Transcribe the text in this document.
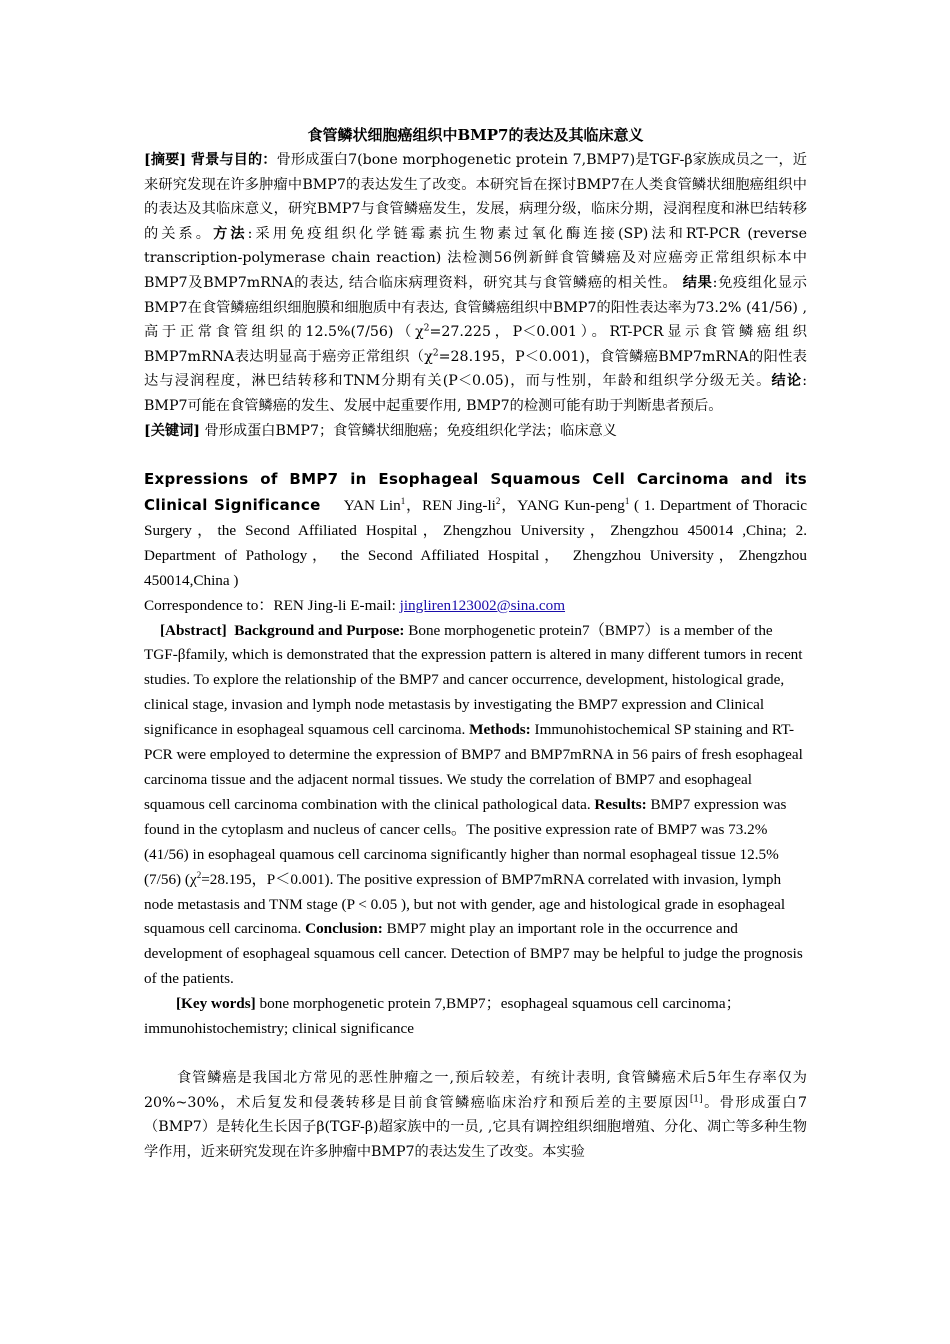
食管鳞状细胞癌组织中BMP7的表达及其临床意义

[摘要] 背景与目的：骨形成蛋白7(bone morphogenetic protein 7,BMP7)是TGF-β家族成员之一，近来研究发现在许多肿瘤中BMP7的表达发生了改变。本研究旨在探讨BMP7在人类食管鳞状细胞癌组织中的表达及其临床意义，研究BMP7与食管鳞癌发生，发展，病理分级，临床分期，浸润程度和淋巴结转移的关系。方法:采用免疫组织化学链霉素抗生物素过氧化酶连接(SP)法和RT-PCR (reverse transcription-polymerase chain reaction) 法检测56例新鲜食管鳞癌及对应癌旁正常组织标本中BMP7及BMP7mRNA的表达, 结合临床病理资料，研究其与食管鳞癌的相关性。 结果:免疫组化显示BMP7在食管鳞癌组织细胞膜和细胞质中有表达, 食管鳞癌组织中BMP7的阳性表达率为73.2% (41/56) , 高于正常食管组织的$12.5\%(7/56)(\chi^2=27.225$，P＜0.001）。RT-PCR显示食管鳞癌组织BMP7mRNA表达明显高于癌旁正常组织（$\chi^2=28.195$，P＜0.001)，食管鳞癌BMP7mRNA的阳性表达与浸润程度，淋巴结转移和TNM分期有关(P＜0.05)，而与性别，年龄和组织学分级无关。结论: BMP7可能在食管鳞癌的发生、发展中起重要作用, BMP7的检测可能有助于判断患者预后。

[关键词] 骨形成蛋白BMP7；食管鳞状细胞癌；免疫组织化学法；临床意义

Expressions of BMP7 in Esophageal Squamous Cell Carcinoma and its Clinical Significance YAN Lin$^1$，REN Jing-$li^2$，YANG Kun-peng$^1$ ( 1. Department of Thoracic Surgery，the Second Affiliated Hospital，Zhengzhou University，Zhengzhou 450014 ,China; 2. Department of Pathology， the Second Affiliated Hospital， Zhengzhou University，Zhengzhou 450014,China )

Correspondence to：REN Jing-li E-mail: jingliren123002@sina.com

[Abstract] Background and Purpose: Bone morphogenetic protein7（BMP7）is a member of the TGF-βfamily, which is demonstrated that the expression pattern is altered in many different tumors in recent studies. To explore the relationship of the BMP7 and cancer occurrence, development, histological grade, clinical stage, invasion and lymph node metastasis by investigating the BMP7 expression and Clinical significance in esophageal squamous cell carcinoma. Methods: Immunohistochemical SP staining and RT-PCR were employed to determine the expression of BMP7 and BMP7mRNA in 56 pairs of fresh esophageal carcinoma tissue and the adjacent normal tissues. We study the correlation of BMP7 and esophageal squamous cell carcinoma combination with the clinical pathological data. Results: BMP7 expression was found in the cytoplasm and nucleus of cancer cells。The positive expression rate of BMP7 was 73.2%(41/56) in esophageal quamous cell carcinoma significantly higher than normal esophageal tissue 12.5%(7/56) ($\chi^2=28.195$，P＜0.001). The positive expression of BMP7mRNA correlated with invasion, lymph node metastasis and TNM stage (P < 0.05 ), but not with gender, age and histological grade in esophageal squamous cell carcinoma. Conclusion: BMP7 might play an important role in the occurrence and development of esophageal squamous cell cancer. Detection of BMP7 may be helpful to judge the prognosis of the patients.

[Key words] bone morphogenetic protein 7,BMP7；esophageal squamous cell carcinoma；immunohistochemistry; clinical significance

食管鳞癌是我国北方常见的恶性肿瘤之一,预后较差，有统计表明, 食管鳞癌术后5年生存率仅为20%~30%，术后复发和侵袭转移是目前食管鳞癌临床治疗和预后差的主要原因[1]。骨形成蛋白7（BMP7）是转化生长因子β(TGF-β)超家族中的一员, ,它具有调控组织细胞增殖、分化、凋亡等多种生物学作用，近来研究发现在许多肿瘤中BMP7的表达发生了改变。本实验
